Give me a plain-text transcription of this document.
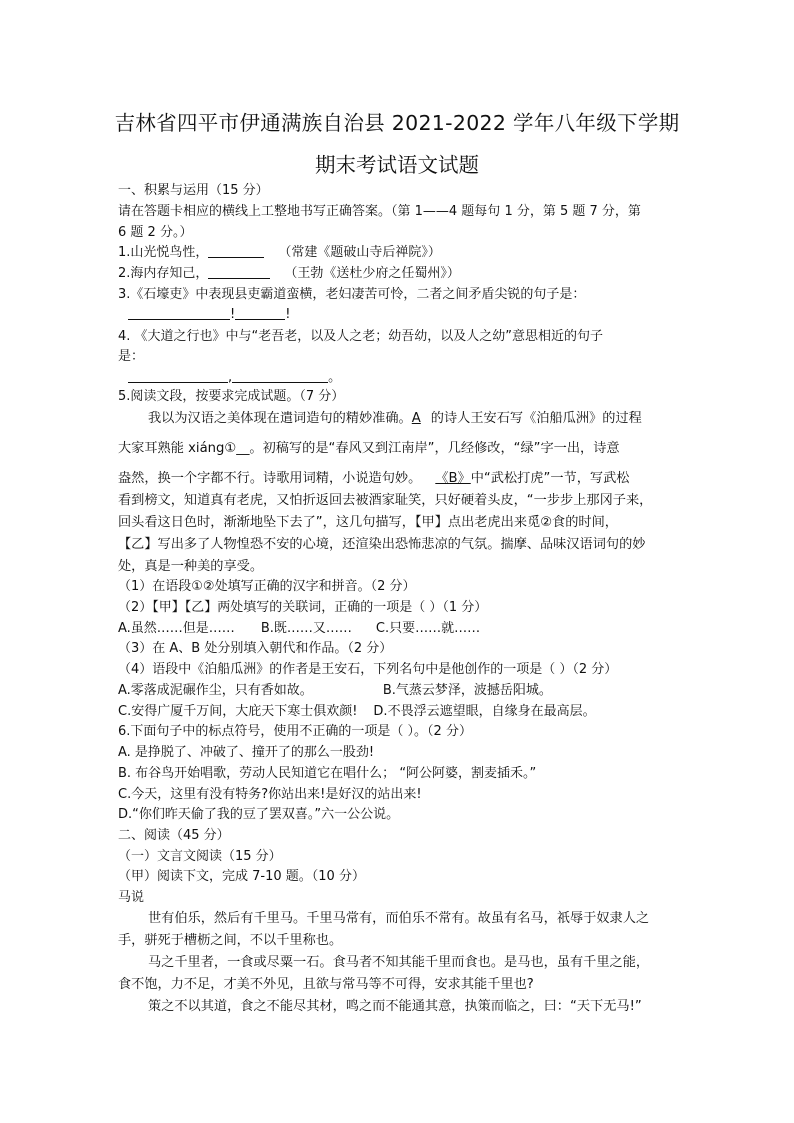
吉林省四平市伊通满族自治县 2021-2022 学年八年级下学期
期末考试语文试题
一、积累与运用（15 分）
请在答题卡相应的横线上工整地书写正确答案。（第 1——4 题每句 1 分，第 5 题 7 分，第
6 题 2 分。）
1.山光悦鸟性，	（常建《题破山寺后禅院》）
2.海内存知己，	（王勃《送杜少府之任蜀州》）
3.《石壕吏》中表现县吏霸道蛮横，老妇凄苦可怜，二者之间矛盾尖锐的句子是：
!	!
4. 《大道之行也》中与“老吾老，以及人之老；幼吾幼，以及人之幼”意思相近的句子
是：
,	。
5.阅读文段，按要求完成试题。（7 分）
我以为汉语之美体现在遣词造句的精妙准确。A 的诗人王安石写《泊船瓜洲》的过程
大家耳熟能 xiáng①__。初稿写的是“春风又到江南岸”，几经修改，“绿”字一出，诗意
盎然，换一个字都不行。诗歌用词精，小说造句妙。 《B》中“武松打虎”一节，写武松
看到榜文，知道真有老虎，又怕折返回去被酒家耻笑，只好硬着头皮，“一步步上那冈子来，
回头看这日色时，渐渐地坠下去了”，这几句描写，【甲】点出老虎出来觅②食的时间，
【乙】写出多了人物惶恐不安的心境，还渲染出恐怖悲凉的气氛。揣摩、品味汉语词句的妙
处，真是一种美的享受。
（1）在语段①②处填写正确的汉字和拼音。（2 分）
（2）【甲】【乙】两处填写的关联词，正确的一项是（ ）（1 分）
A.虽然……但是…… B.既……又…… C.只要……就……
（3）在 A、B 处分别填入朝代和作品。（2 分）
（4）语段中《泊船瓜洲》的作者是王安石，下列名句中是他创作的一项是（ ）（2 分）
A.零落成泥碾作尘，只有香如故。	B.气蒸云梦泽，波撼岳阳城。
C.安得广厦千万间，大庇天下寒士俱欢颜! D.不畏浮云遮望眼，自缘身在最高层。
6.下面句子中的标点符号，使用不正确的一项是（ ）。（2 分）
A. 是挣脱了、冲破了、撞开了的那么一股劲!
B. 布谷鸟开始唱歌，劳动人民知道它在唱什么； “阿公阿婆，割麦插禾。”
C.今天，这里有没有特务?你站出来!是好汉的站出来!
D.“你们昨天偷了我的豆了罢双喜。”六一公公说。
二、阅读（45 分）
（一）文言文阅读（15 分）
（甲）阅读下文，完成 7-10 题。（10 分）
马说
世有伯乐，然后有千里马。千里马常有，而伯乐不常有。故虽有名马，祇辱于奴隶人之
手，骈死于槽枥之间，不以千里称也。
马之千里者，一食或尽粟一石。食马者不知其能千里而食也。是马也，虽有千里之能，
食不饱，力不足，才美不外见，且欲与常马等不可得，安求其能千里也?
策之不以其道，食之不能尽其材，鸣之而不能通其意，执策而临之，曰：“天下无马!”
